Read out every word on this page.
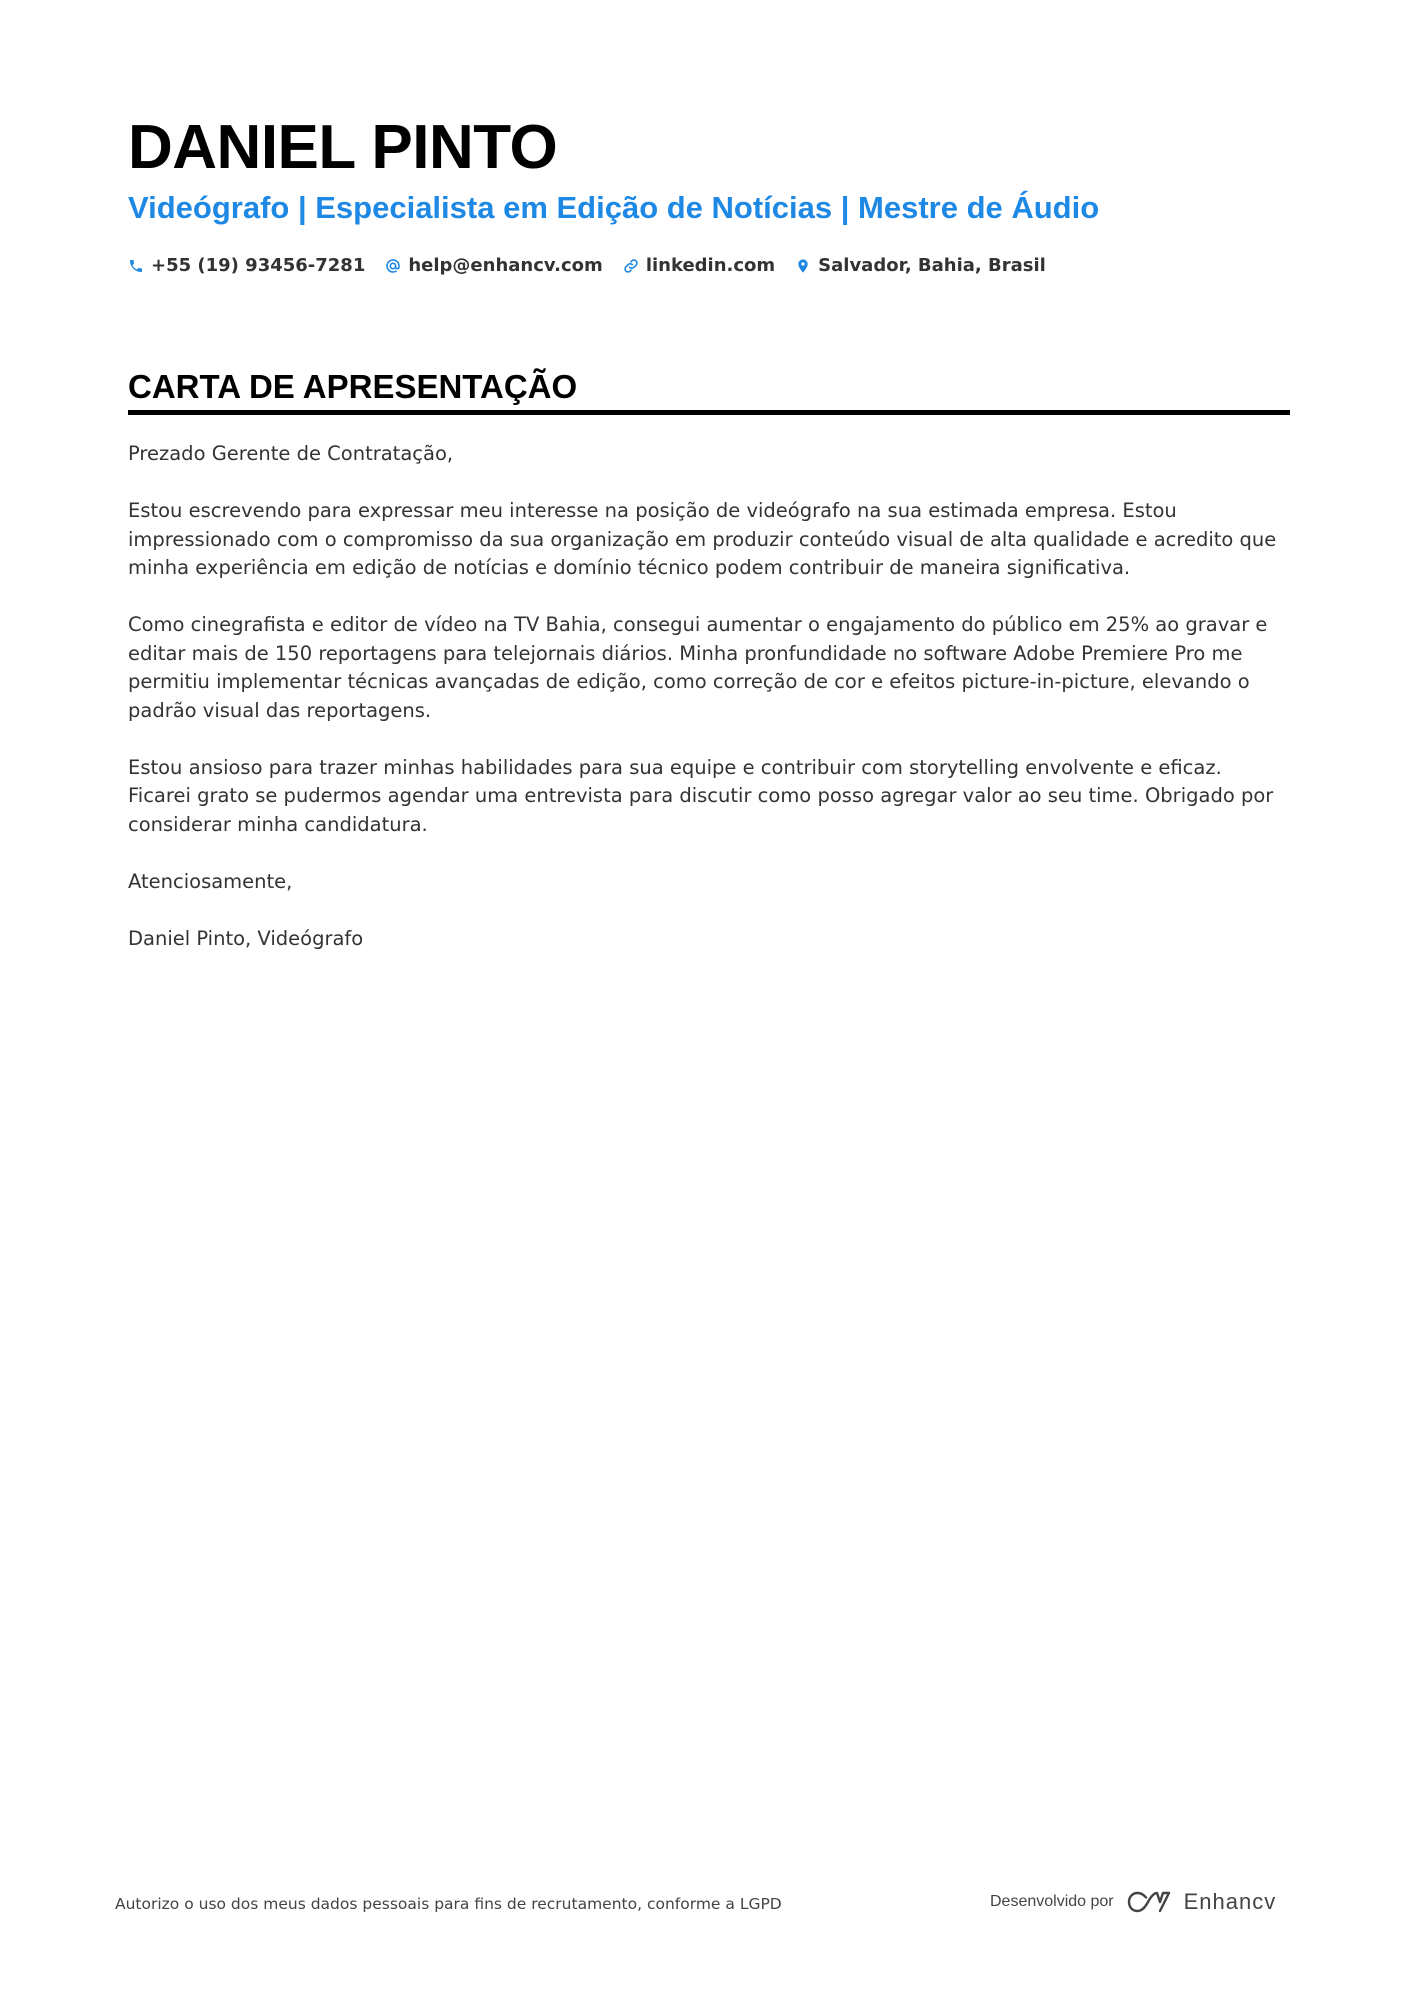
DANIEL PINTO
Videógrafo | Especialista em Edição de Notícias | Mestre de Áudio
+55 (19) 93456-7281 help@enhancv.com linkedin.com Salvador, Bahia, Brasil
CARTA DE APRESENTAÇÃO

Prezado Gerente de Contratação,

Estou escrevendo para expressar meu interesse na posição de videógrafo na sua estimada empresa. Estou impressionado com o compromisso da sua organização em produzir conteúdo visual de alta qualidade e acredito que minha experiência em edição de notícias e domínio técnico podem contribuir de maneira significativa.

Como cinegrafista e editor de vídeo na TV Bahia, consegui aumentar o engajamento do público em 25% ao gravar e editar mais de 150 reportagens para telejornais diários. Minha pronfundidade no software Adobe Premiere Pro me permitiu implementar técnicas avançadas de edição, como correção de cor e efeitos picture-in-picture, elevando o padrão visual das reportagens.

Estou ansioso para trazer minhas habilidades para sua equipe e contribuir com storytelling envolvente e eficaz. Ficarei grato se pudermos agendar uma entrevista para discutir como posso agregar valor ao seu time. Obrigado por considerar minha candidatura.

Atenciosamente,

Daniel Pinto, Videógrafo

Autorizo o uso dos meus dados pessoais para fins de recrutamento, conforme a LGPD	Desenvolvido por	Enhancv
